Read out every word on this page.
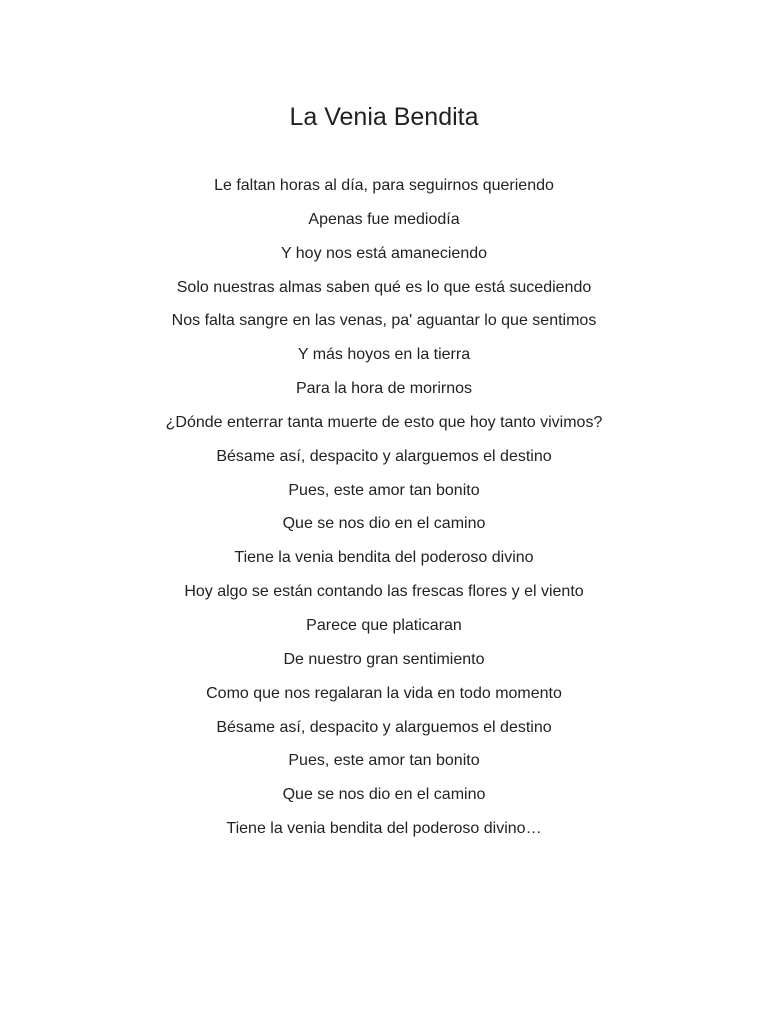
La Venia Bendita
Le faltan horas al día, para seguirnos queriendo
Apenas fue mediodía
Y hoy nos está amaneciendo
Solo nuestras almas saben qué es lo que está sucediendo
Nos falta sangre en las venas, pa' aguantar lo que sentimos
Y más hoyos en la tierra
Para la hora de morirnos
¿Dónde enterrar tanta muerte de esto que hoy tanto vivimos?
Bésame así, despacito y alarguemos el destino
Pues, este amor tan bonito
Que se nos dio en el camino
Tiene la venia bendita del poderoso divino
Hoy algo se están contando las frescas flores y el viento
Parece que platicaran
De nuestro gran sentimiento
Como que nos regalaran la vida en todo momento
Bésame así, despacito y alarguemos el destino
Pues, este amor tan bonito
Que se nos dio en el camino
Tiene la venia bendita del poderoso divino…
